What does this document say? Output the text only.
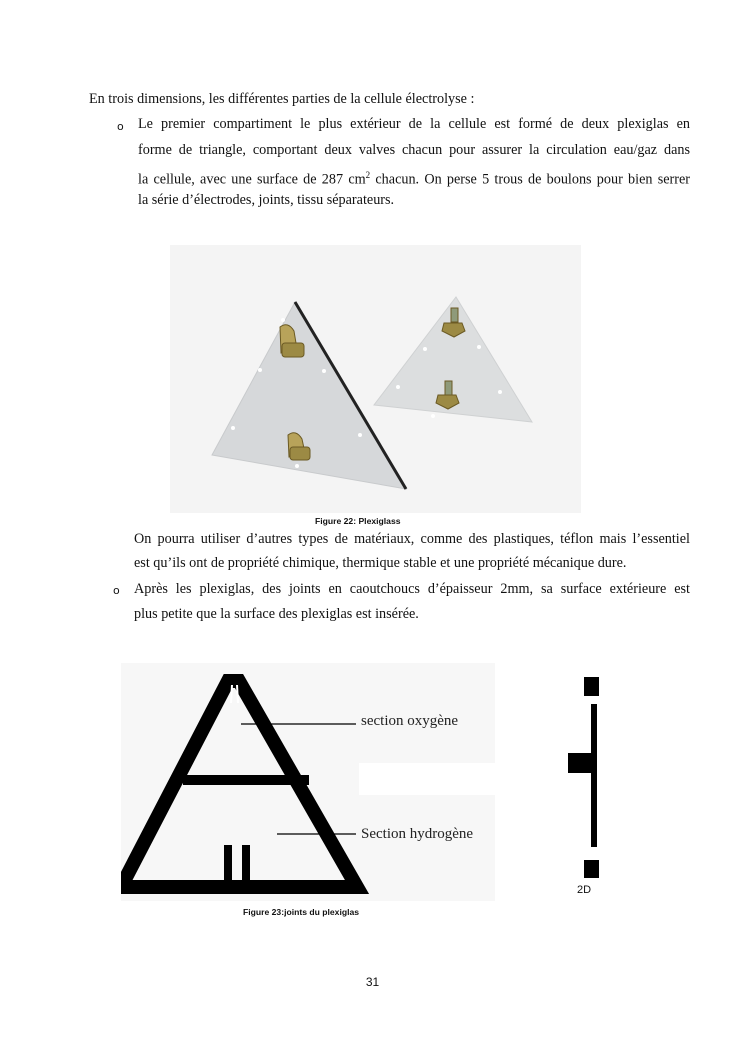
En trois dimensions, les différentes parties de la cellule électrolyse :
o Le premier compartiment le plus extérieur de la cellule est formé de deux plexiglas en
forme de triangle, comportant deux valves chacun pour assurer la circulation eau/gaz dans
la cellule, avec une surface de 287 $cm^2$ chacun. On perse 5 trous de boulons pour bien serrer
la série d’électrodes, joints, tissu séparateurs.
Figure 22: Plexiglass
On pourra utiliser d’autres types de matériaux, comme des plastiques, téflon mais l’essentiel
est qu’ils ont de propriété chimique, thermique stable et une propriété mécanique dure.
o Après les plexiglas, des joints en caoutchoucs d’épaisseur 2mm, sa surface extérieure est
plus petite que la surface des plexiglas est insérée.
section oxygène
Section hydrogène
2D
Figure 23:joints du plexiglas
31
